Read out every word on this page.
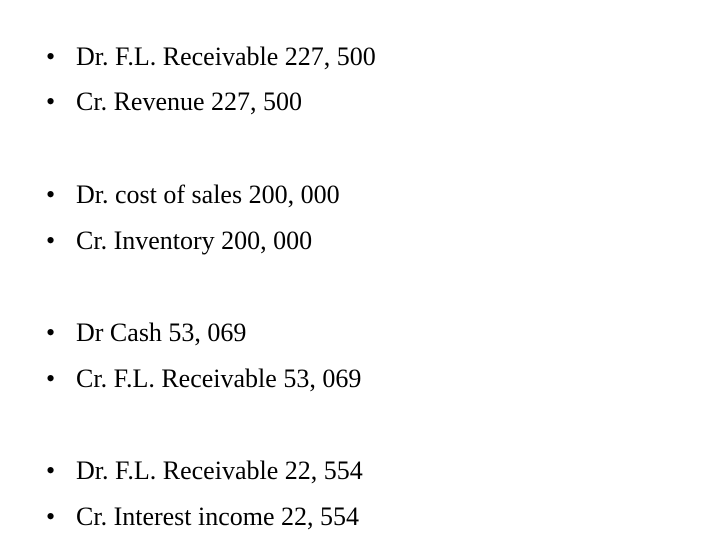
• Dr. F.L. Receivable 227, 500
• Cr. Revenue 227, 500
• Dr. cost of sales 200, 000
• Cr. Inventory 200, 000
• Dr Cash 53, 069
• Cr. F.L. Receivable 53, 069
• Dr. F.L. Receivable 22, 554
• Cr. Interest income 22, 554
